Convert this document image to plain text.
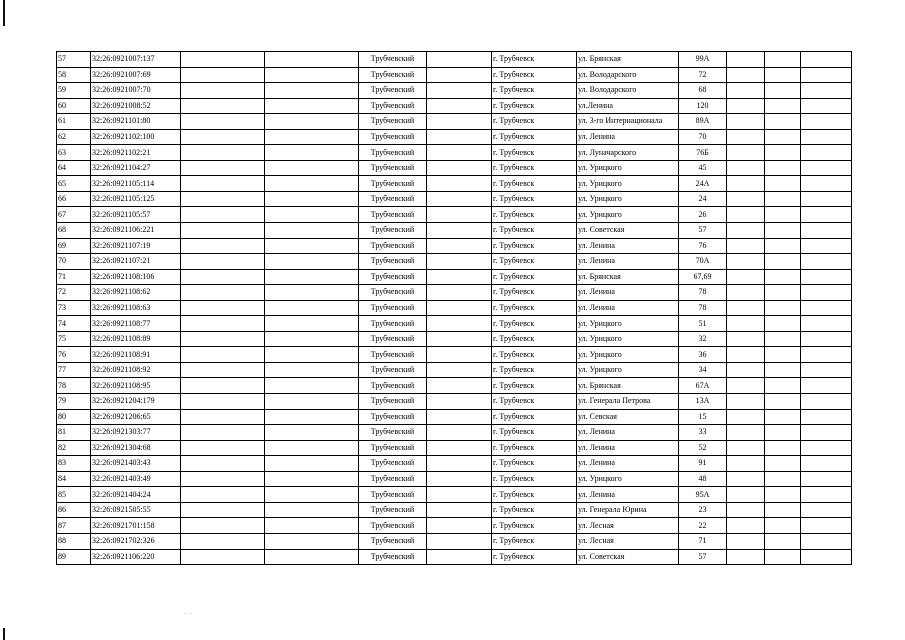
. .
57	32:26:0921007:137			Трубчевский		г. Трубчевск	ул. Брянская	99А			
58	32:26:0921007:69			Трубчевский		г. Трубчевск	ул. Володарского	72			
59	32:26:0921007:70			Трубчевский		г. Трубчевск	ул. Володарского	68			
60	32:26:0921008:52			Трубчевский		г. Трубчевск	ул.Ленина	120			
61	32:26:0921101:80			Трубчевский		г. Трубчевск	ул. 3-го Интернационала	89А			
62	32:26:0921102:100			Трубчевский		г. Трубчевск	ул. Ленина	70			
63	32:26:0921102:21			Трубчевский		г. Трубчевск	ул. Луначарского	76Б			
64	32:26:0921104:27			Трубчевский		г. Трубчевск	ул. Урицкого	45			
65	32:26:0921105:114			Трубчевский		г. Трубчевск	ул. Урицкого	24А			
66	32:26:0921105:125			Трубчевский		г. Трубчевск	ул. Урицкого	24			
67	32:26:0921105:57			Трубчевский		г. Трубчевск	ул. Урицкого	26			
68	32:26:0921106:221			Трубчевский		г. Трубчевск	ул. Советская	57			
69	32:26:0921107:19			Трубчевский		г. Трубчевск	ул. Ленина	76			
70	32:26:0921107:21			Трубчевский		г. Трубчевск	ул. Ленина	70А			
71	32:26:0921108:106			Трубчевский		г. Трубчевск	ул. Брянская	67,69			
72	32:26:0921108:62			Трубчевский		г. Трубчевск	ул. Ленина	78			
73	32:26:0921108:63			Трубчевский		г. Трубчевск	ул. Ленина	78			
74	32:26:0921108:77			Трубчевский		г. Трубчевск	ул. Урицкого	51			
75	32:26:0921108:89			Трубчевский		г. Трубчевск	ул. Урицкого	32			
76	32:26:0921108:91			Трубчевский		г. Трубчевск	ул. Урицкого	36			
77	32:26:0921108:92			Трубчевский		г. Трубчевск	ул. Урицкого	34			
78	32:26:0921108:95			Трубчевский		г. Трубчевск	ул. Брянская	67А			
79	32:26:0921204:179			Трубчевский		г. Трубчевск	ул. Генерала Петрова	13А			
80	32:26:0921206:65			Трубчевский		г. Трубчевск	ул. Севская	15			
81	32:26:0921303:77			Трубчевский		г. Трубчевск	ул. Ленина	33			
82	32:26:0921304:68			Трубчевский		г. Трубчевск	ул. Ленина	52			
83	32:26:0921403:43			Трубчевский		г. Трубчевск	ул. Ленина	91			
84	32:26:0921403:49			Трубчевский		г. Трубчевск	ул. Урицкого	48			
85	32:26:0921404:24			Трубчевский		г. Трубчевск	ул. Ленина	95А			
86	32:26:0921505:55			Трубчевский		г. Трубчевск	ул. Генерала Юрина	23			
87	32:26:0921701:158			Трубчевский		г. Трубчевск	ул. Лесная	22			
88	32:26:0921702:326			Трубчевский		г. Трубчевск	ул. Лесная	71			
89	32:26:0921106:220			Трубчевский		г. Трубчевск	ул. Советская	57			
